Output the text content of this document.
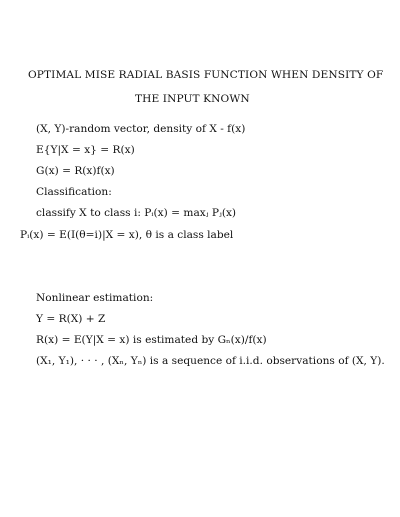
OPTIMAL MISE RADIAL BASIS FUNCTION WHEN DENSITY OF
THE INPUT KNOWN
(X, Y)-random vector, density of X - f(x)
E{Y|X = x} = R(x)
G(x) = R(x)f(x)
Classification:
classify X to class i: Pᵢ(x) = maxⱼ Pⱼ(x)
Pᵢ(x) = E(I(θ=i)|X = x), θ is a class label
Nonlinear estimation:
Y = R(X) + Z
R(x) = E(Y|X = x) is estimated by Gₙ(x)/f(x)
(X₁, Y₁), · · · , (Xₙ, Yₙ) is a sequence of i.i.d. observations of (X, Y).
